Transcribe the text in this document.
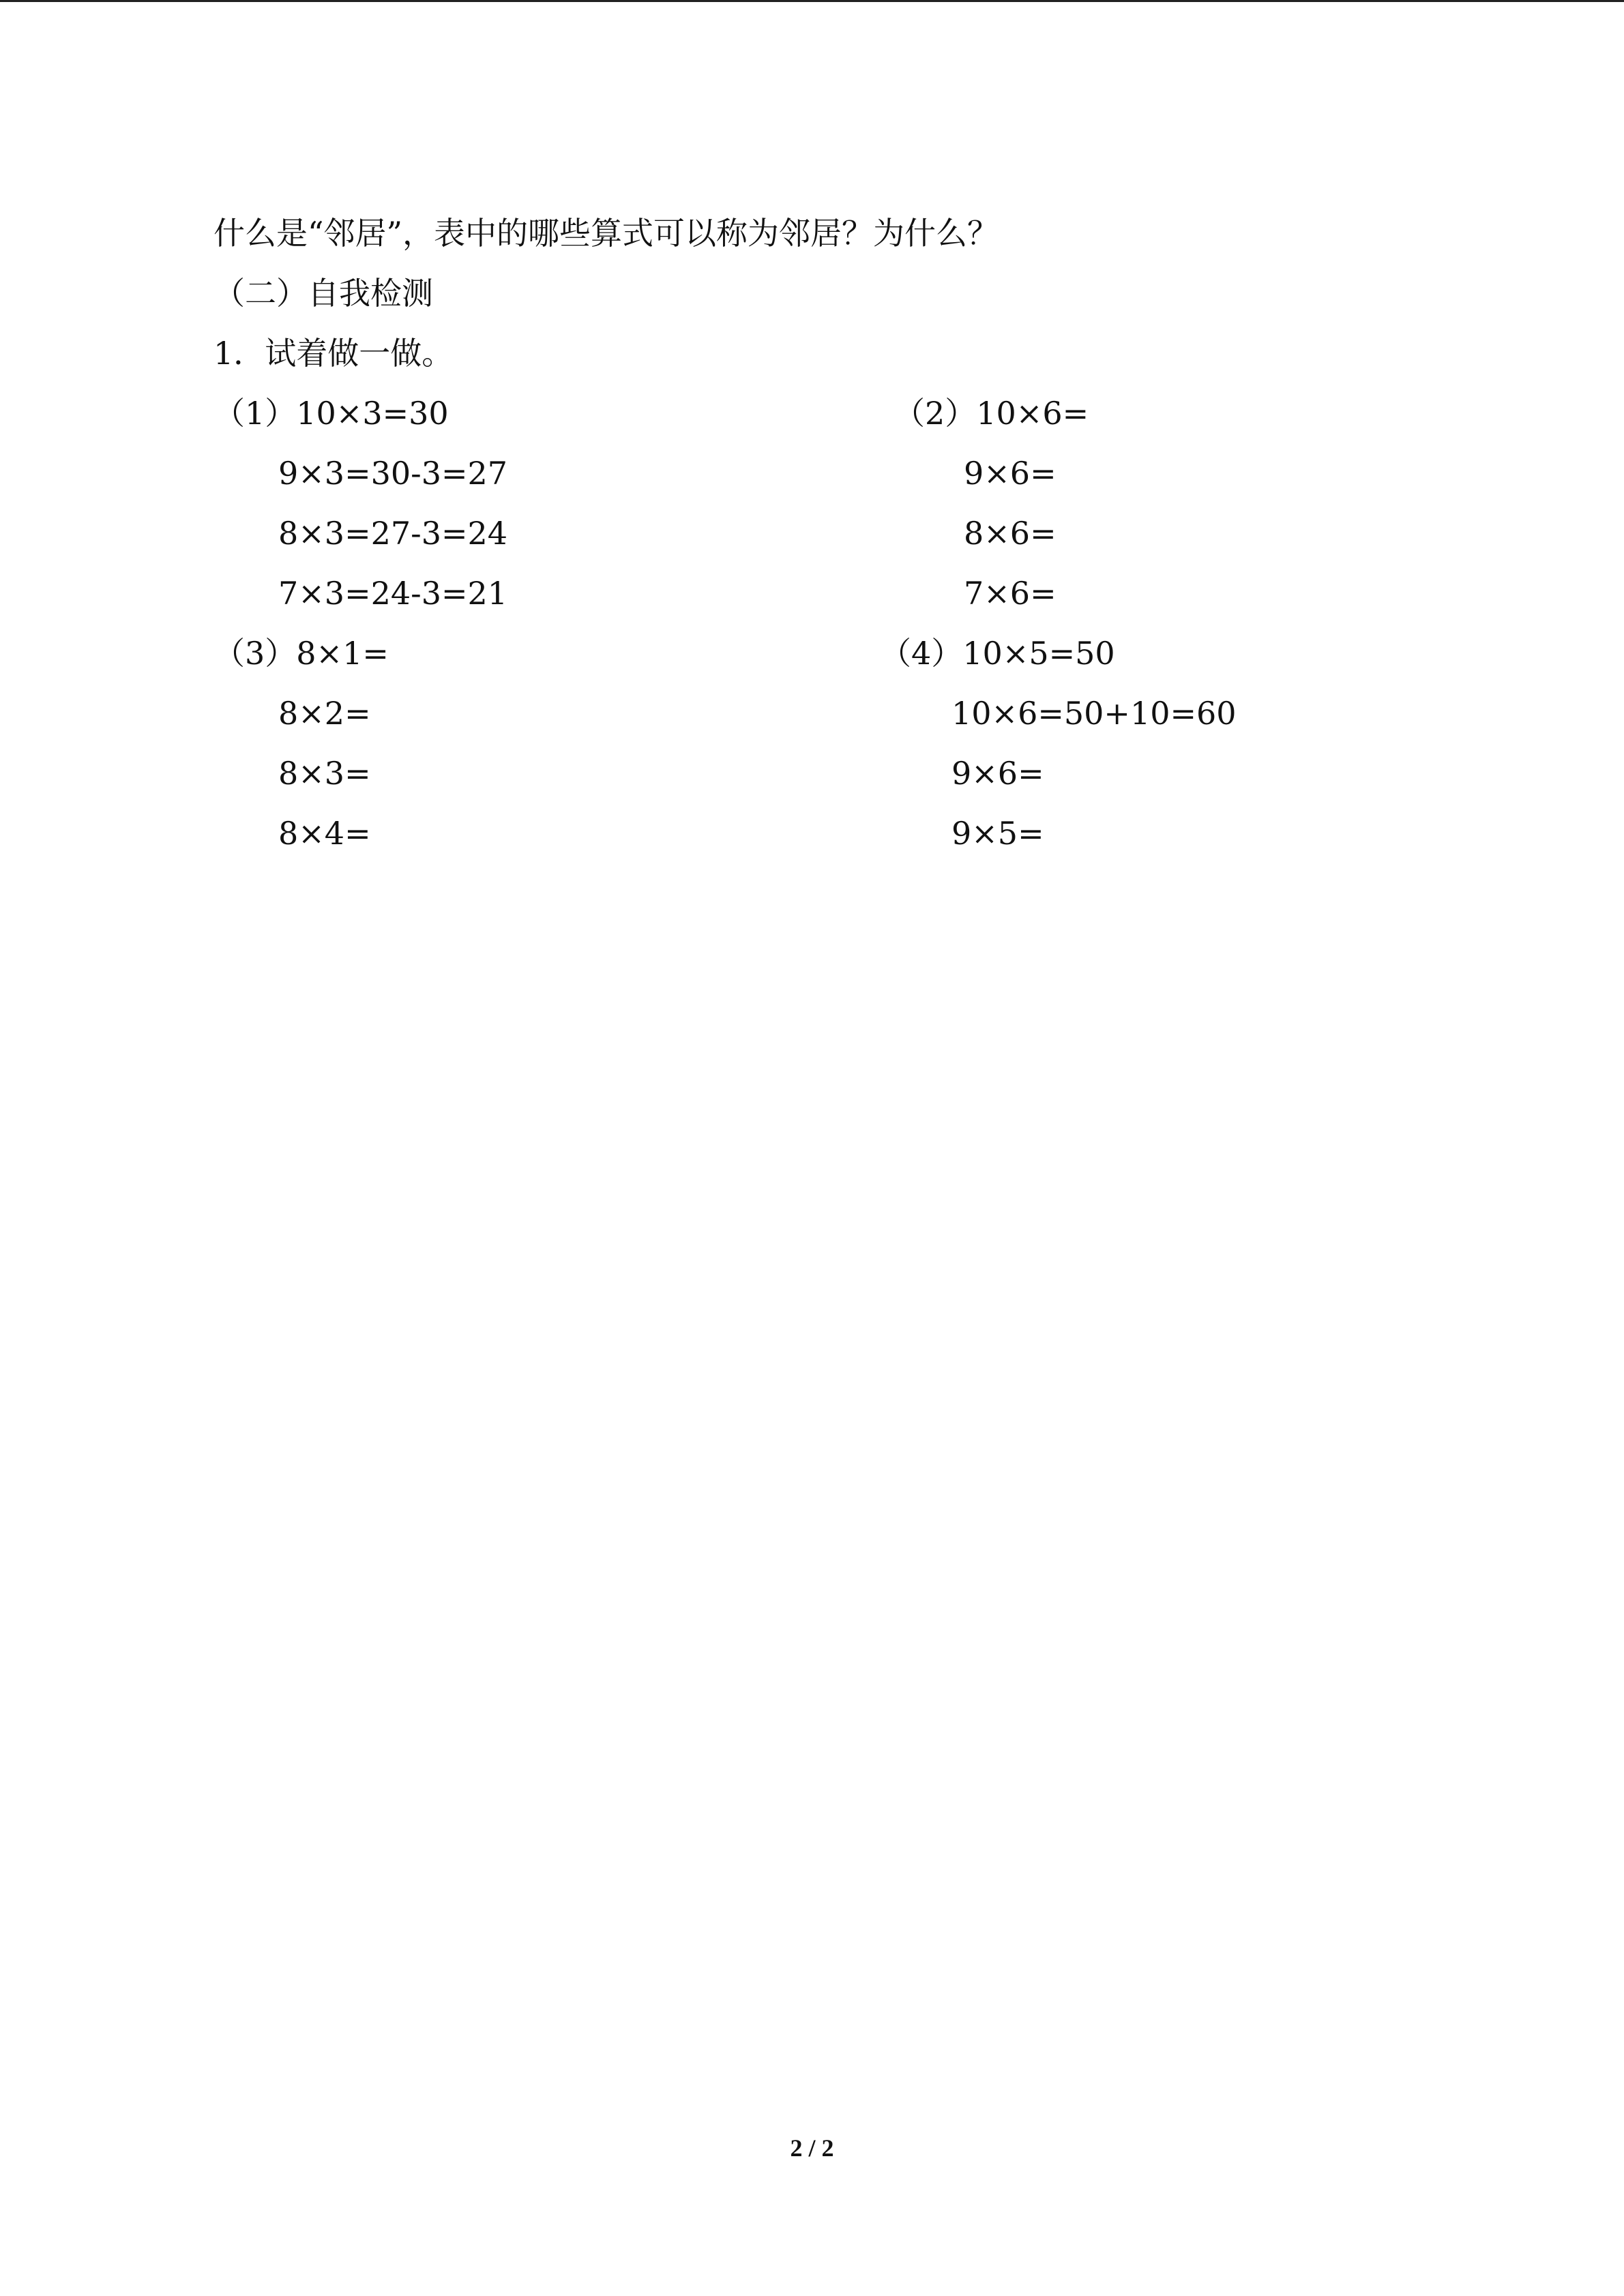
什么是“邻居”，表中的哪些算式可以称为邻居？为什么？
（二）自我检测
1．试着做一做。
（1）10×3=30
9×3=30-3=27
8×3=27-3=24
7×3=24-3=21
（2）10×6=
9×6=
8×6=
7×6=
（3）8×1=
8×2=
8×3=
8×4=
（4）10×5=50
10×6=50+10=60
9×6=
9×5=
2 / 2
